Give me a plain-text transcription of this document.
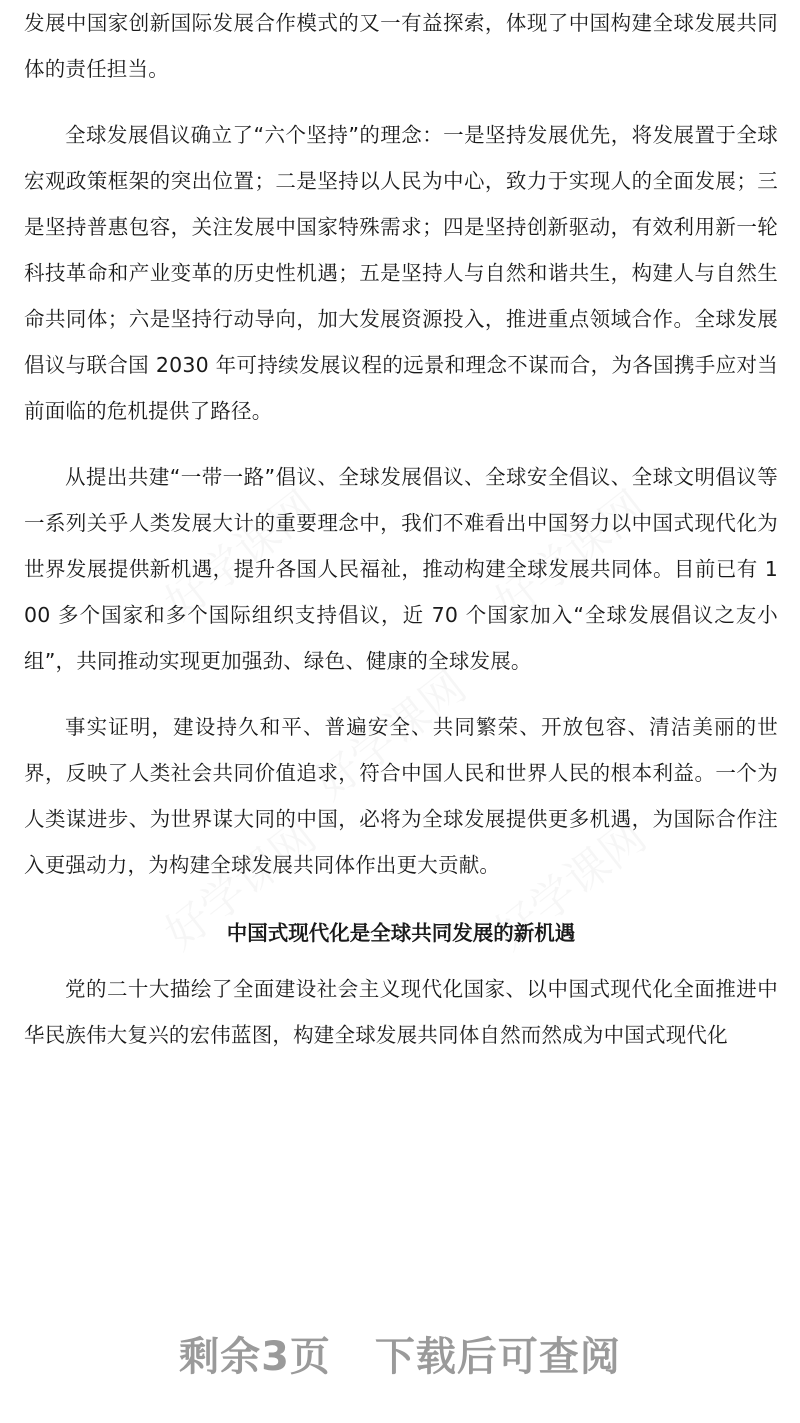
发展中国家创新国际发展合作模式的又一有益探索，体现了中国构建全球发展共同体的责任担当。

全球发展倡议确立了“六个坚持”的理念：一是坚持发展优先，将发展置于全球宏观政策框架的突出位置；二是坚持以人民为中心，致力于实现人的全面发展；三是坚持普惠包容，关注发展中国家特殊需求；四是坚持创新驱动，有效利用新一轮科技革命和产业变革的历史性机遇；五是坚持人与自然和谐共生，构建人与自然生命共同体；六是坚持行动导向，加大发展资源投入，推进重点领域合作。全球发展倡议与联合国 2030 年可持续发展议程的远景和理念不谋而合，为各国携手应对当前面临的危机提供了路径。

从提出共建“一带一路”倡议、全球发展倡议、全球安全倡议、全球文明倡议等一系列关乎人类发展大计的重要理念中，我们不难看出中国努力以中国式现代化为世界发展提供新机遇，提升各国人民福祉，推动构建全球发展共同体。目前已有 100 多个国家和多个国际组织支持倡议，近 70 个国家加入“全球发展倡议之友小组”，共同推动实现更加强劲、绿色、健康的全球发展。

事实证明，建设持久和平、普遍安全、共同繁荣、开放包容、清洁美丽的世界，反映了人类社会共同价值追求，符合中国人民和世界人民的根本利益。一个为人类谋进步、为世界谋大同的中国，必将为全球发展提供更多机遇，为国际合作注入更强动力，为构建全球发展共同体作出更大贡献。

中国式现代化是全球共同发展的新机遇

党的二十大描绘了全面建设社会主义现代化国家、以中国式现代化全面推进中华民族伟大复兴的宏伟蓝图，构建全球发展共同体自然而然成为中国式现代化

剩余3页 下载后可查阅
